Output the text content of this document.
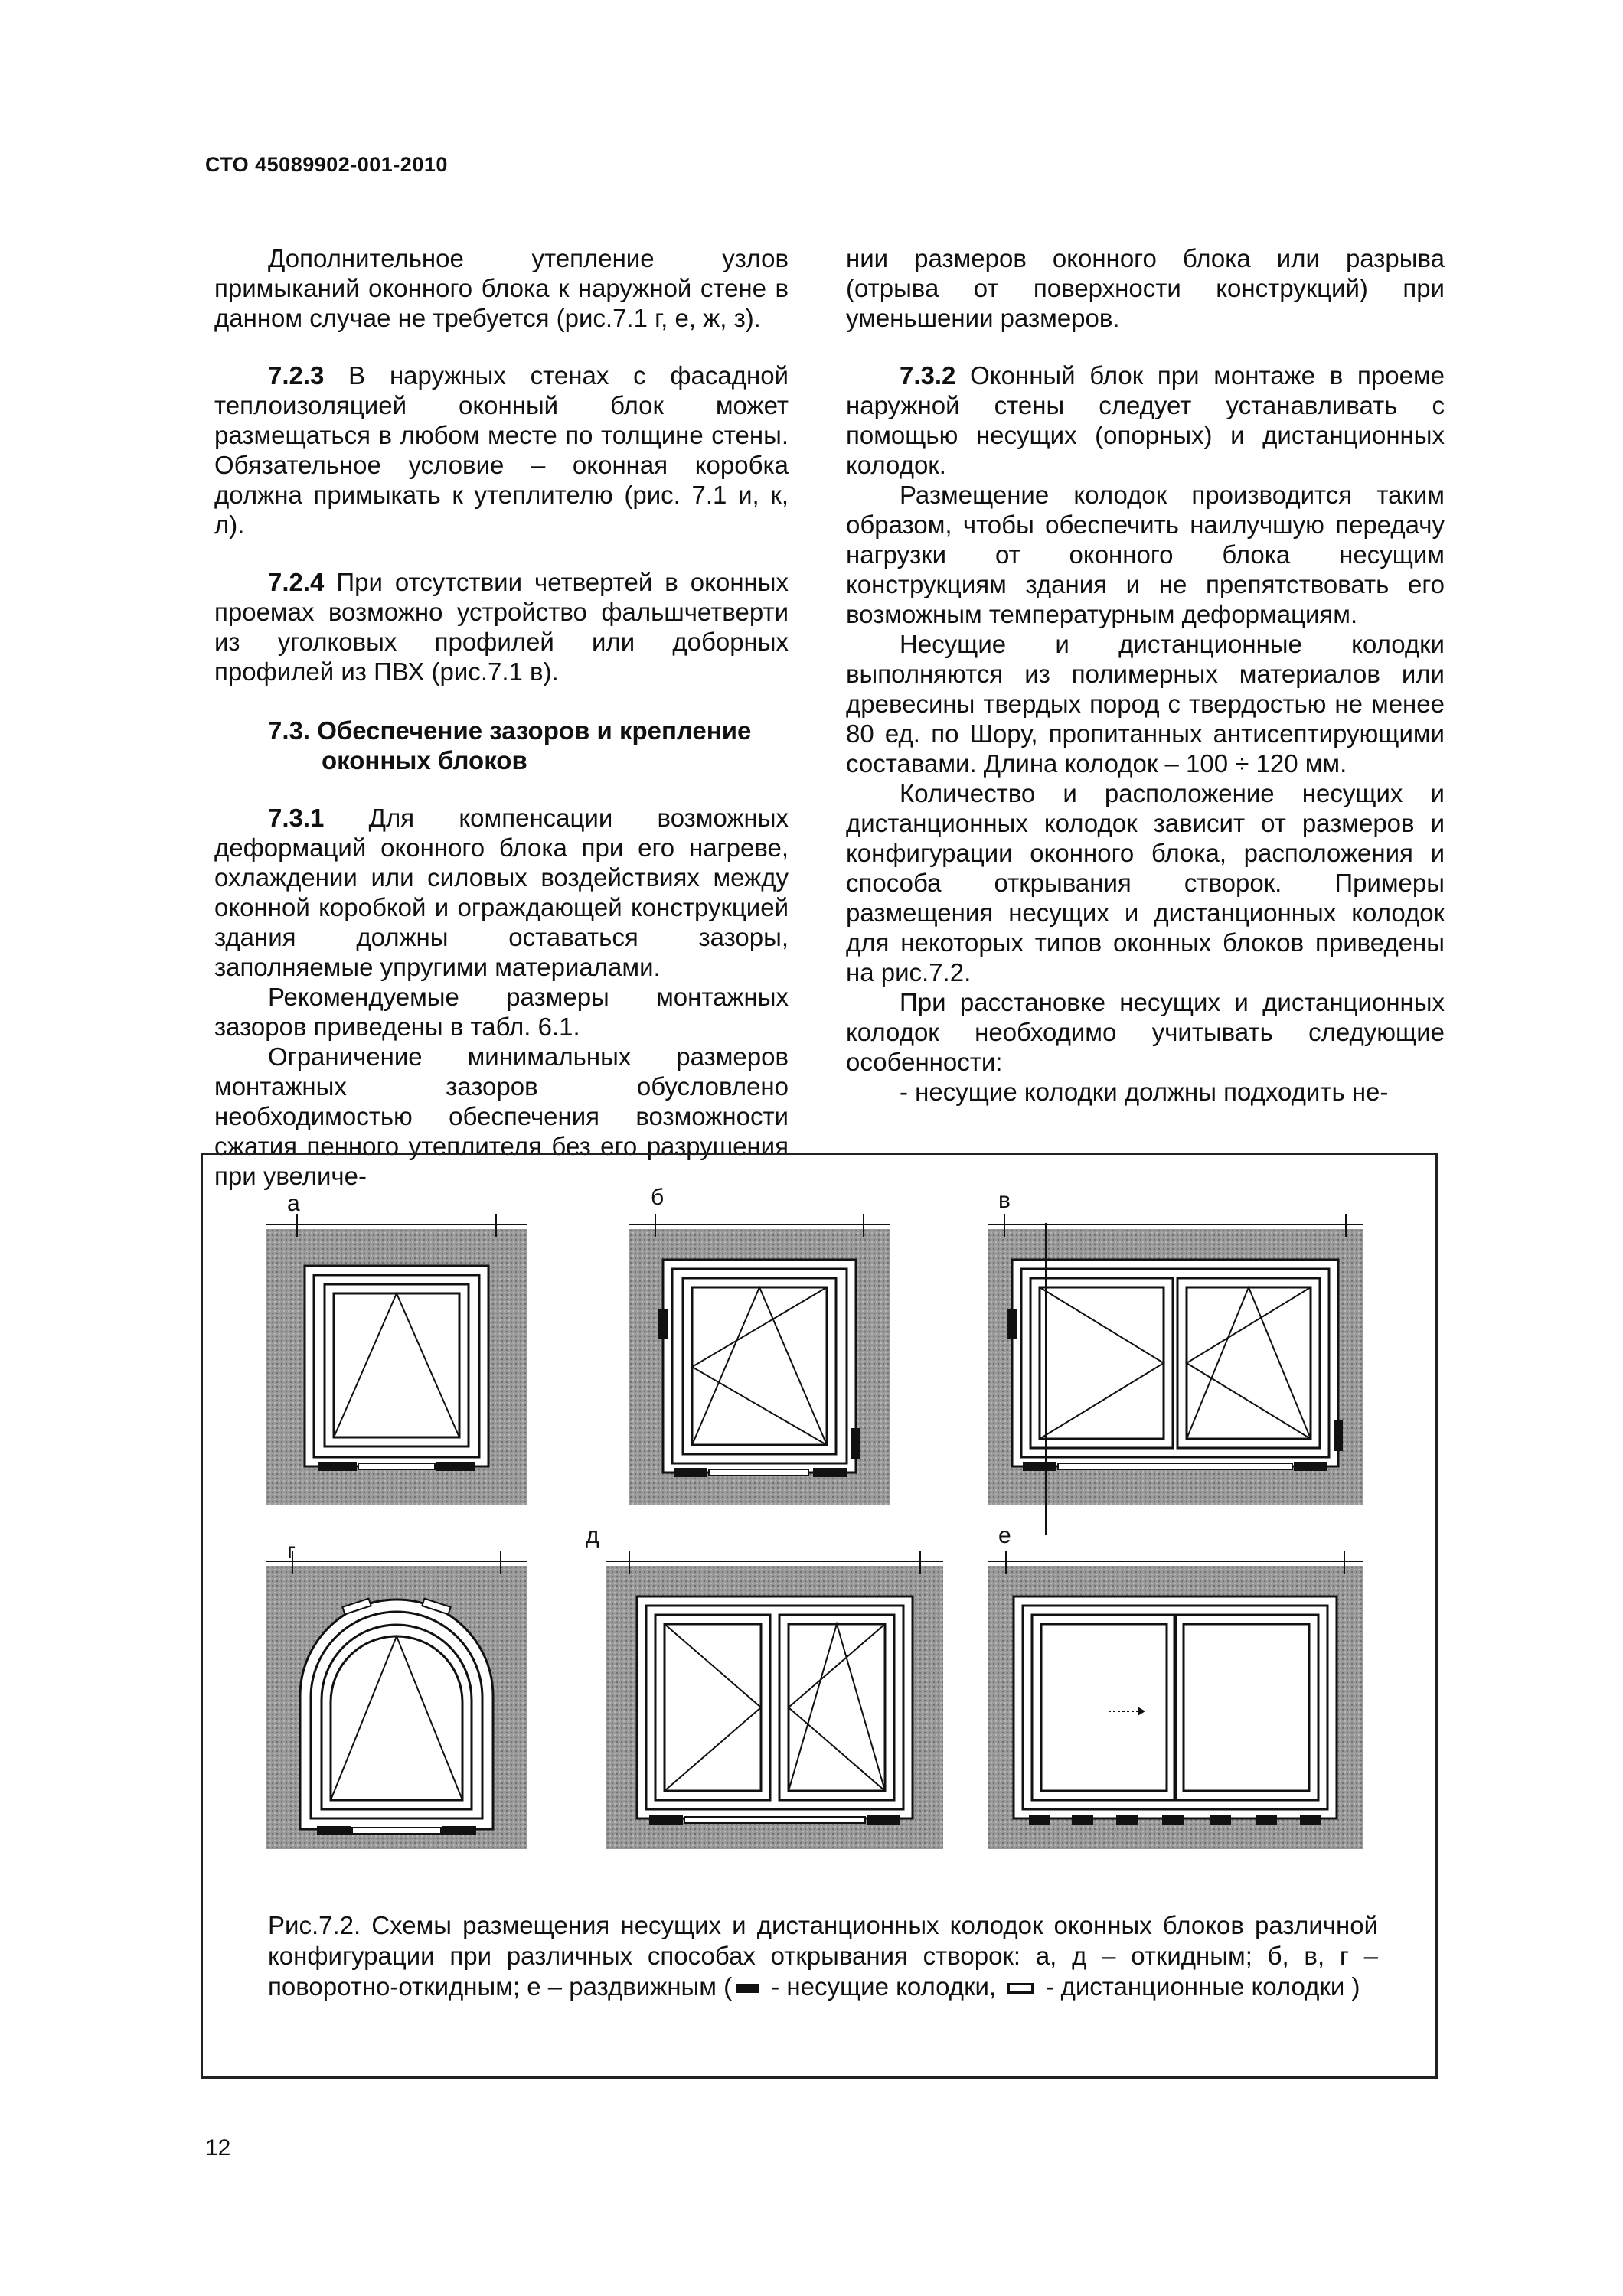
СТО 45089902-001-2010

Дополнительное утепление узлов примыканий оконного блока к наружной стене в данном случае не требуется (рис.7.1 г, е, ж, з).

7.2.3 В наружных стенах с фасадной теплоизоляцией оконный блок может размещаться в любом месте по толщине стены. Обязательное условие – оконная коробка должна примыкать к утеплителю (рис. 7.1 и, к, л).

7.2.4 При отсутствии четвертей в оконных проемах возможно устройство фальшчетверти из уголковых профилей или доборных профилей из ПВХ (рис.7.1 в).

7.3. Обеспечение зазоров и крепление
оконных блоков

7.3.1 Для компенсации возможных деформаций оконного блока при его нагреве, охлаждении или силовых воздействиях между оконной коробкой и ограждающей конструкцией здания должны оставаться зазоры, заполняемые упругими материалами.

Рекомендуемые размеры монтажных зазоров приведены в табл. 6.1.

Ограничение минимальных размеров монтажных зазоров обусловлено необходимостью обеспечения возможности сжатия пенного утеплителя без его разрушения при увеличе-

нии размеров оконного блока или разрыва (отрыва от поверхности конструкций) при уменьшении размеров.

7.3.2 Оконный блок при монтаже в проеме наружной стены следует устанавливать с помощью несущих (опорных) и дистанционных колодок.

Размещение колодок производится таким образом, чтобы обеспечить наилучшую передачу нагрузки от оконного блока несущим конструкциям здания и не препятствовать его возможным температурным деформациям.

Несущие и дистанционные колодки выполняются из полимерных материалов или древесины твердых пород с твердостью не менее 80 ед. по Шору, пропитанных антисептирующими составами. Длина колодок – 100 ÷ 120 мм.

Количество и расположение несущих и дистанционных колодок зависит от размеров и конфигурации оконного блока, расположения и способа открывания створок. Примеры размещения несущих и дистанционных колодок для некоторых типов оконных блоков приведены на рис.7.2.

При расстановке несущих и дистанционных колодок необходимо учитывать следующие особенности:

- несущие колодки должны подходить не-

а	б	в
г
д	е
Рис.7.2. Схемы размещения несущих и дистанционных колодок оконных блоков различной конфигурации при различных способах открывания створок: а, д – откидным; б, в, г – поворотно-откидным; е – раздвижным ( - несущие колодки,  - дистанционные колодки )
12
